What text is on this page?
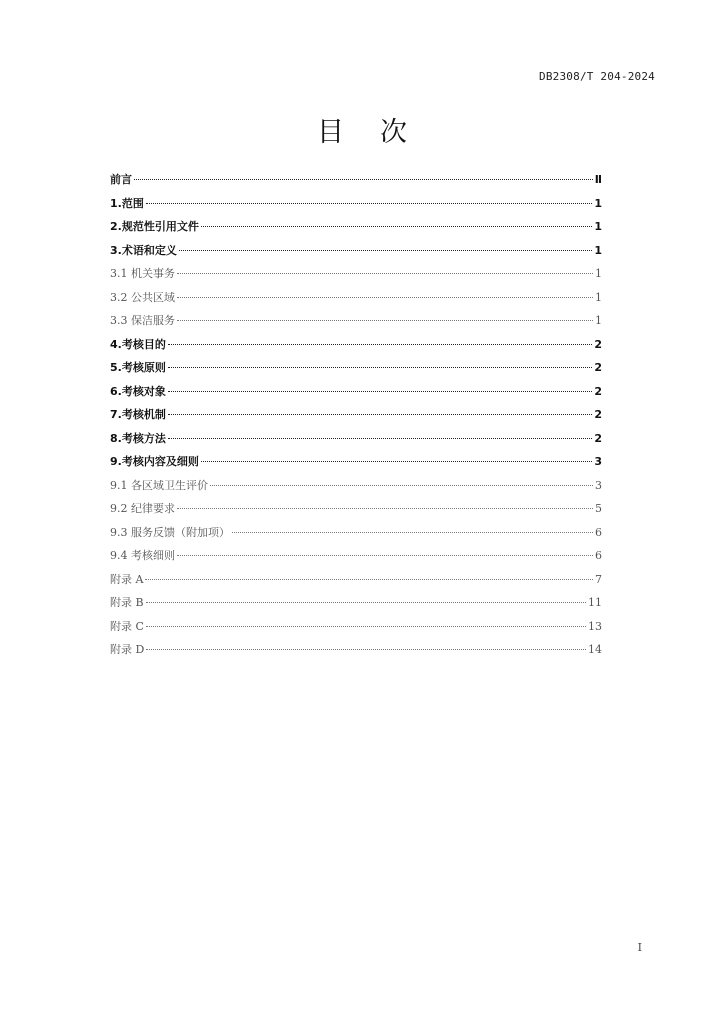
DB2308/T 204-2024
目次
前言	Ⅱ
1.范围	1
2.规范性引用文件	1
3.术语和定义	1
3.1 机关事务	1
3.2 公共区域	1
3.3 保洁服务	1
4.考核目的	2
5.考核原则	2
6.考核对象	2
7.考核机制	2
8.考核方法	2
9.考核内容及细则	3
9.1 各区域卫生评价	3
9.2 纪律要求	5
9.3 服务反馈（附加项）	6
9.4 考核细则	6
附录 A	7
附录 B	11
附录 C	13
附录 D	14
I
